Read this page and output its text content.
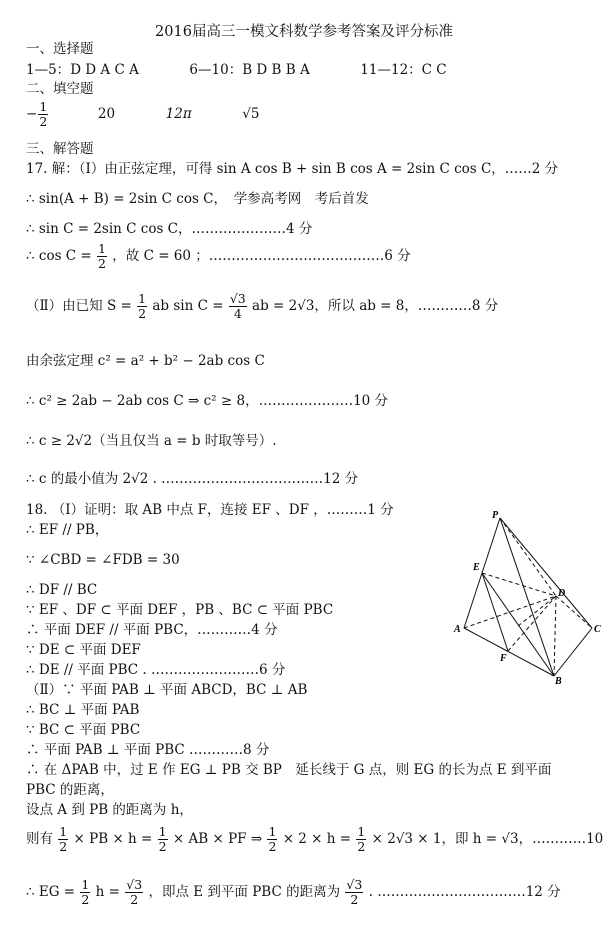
2016届高三一模文科数学参考答案及评分标准
一、选择题
1—5：D D A C A	6—10：B D B B A	11—12：C C
二、填空题
− $\frac{1}{2}$	20	12π	√5
三、解答题
17. 解：（Ⅰ）由正弦定理，可得 sin A cos B + sin B cos A = 2sin C cos C，……2 分
∴ sin(A + B) = 2sin C cos C，　学参高考网　考后首发
∴ sin C = 2sin C cos C，…………………4 分
∴ $\cos C = \frac{1}{2}$ ，故 C = 60 ；…………………………………6 分
（Ⅱ）由已知 $S = \frac{1}{2}$ ab $\sin C = \frac{√3}{4}$ ab = 2√3，所以 ab = 8，…………8 分
由余弦定理 c² = a² + b² − 2ab cos C
∴ c² ≥ 2ab − 2ab cos C ⇒ c² ≥ 8，…………………10 分
∴ c ≥ 2√2（当且仅当 a = b 时取等号）.
∴ c 的最小值为 2√2 . ………………………………12 分
18. （Ⅰ）证明：取 AB 中点 F，连接 EF 、DF ，………1 分
∴ EF // PB，
∵ ∠CBD = ∠FDB = 30
∴ DF // BC
∵ EF 、DF ⊂ 平面 DEF ，PB 、BC ⊂ 平面 PBC
∴ 平面 DEF // 平面 PBC，…………4 分
∵ DE ⊂ 平面 DEF
∴ DE // 平面 PBC . ……………………6 分
（Ⅱ）∵ 平面 PAB ⊥ 平面 ABCD，BC ⊥ AB
∴ BC ⊥ 平面 PAB
∵ BC ⊂ 平面 PBC
∴ 平面 PAB ⊥ 平面 PBC …………8 分
∴ 在 ΔPAB 中，过 E 作 EG ⊥ PB 交 BP　延长线于 G 点，则 EG 的长为点 E 到平面
PBC 的距离，
设点 A 到 PB 的距离为 h，
则有 $\frac{1}{2}$ × PB × $h = \frac{1}{2}$ × AB × PF ⇒ $\frac{1}{2} \times 2 \times h = \frac{1}{2} \times 2√3 \times 1$，即 h = √3，…………10
∴ EG = $\frac{1}{2}$ $h = \frac{√3}{2}$ ，即点 E 到平面 PBC 的距离为 $\frac{√3}{2}$ . ……………………………12 分
P
E
D
A	C
F
B
